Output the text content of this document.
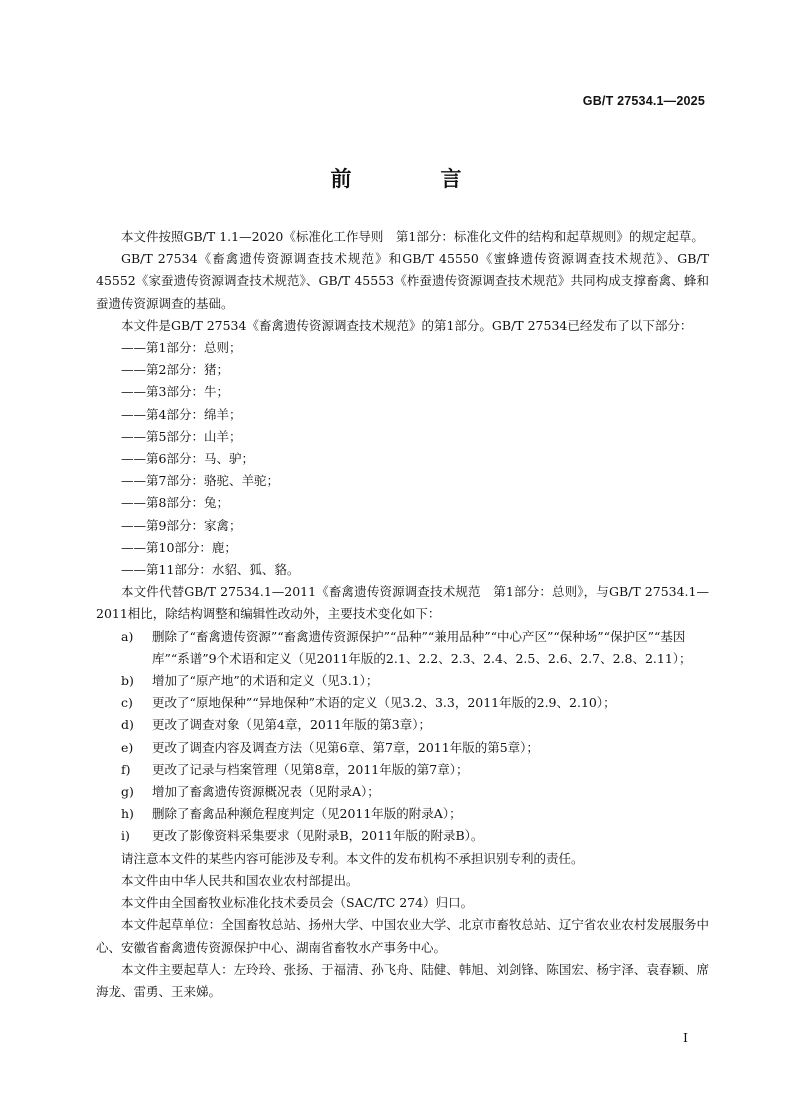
GB/T 27534.1—2025
前　言

本文件按照GB/T 1.1—2020《标准化工作导则　第1部分：标准化文件的结构和起草规则》的规定起草。

GB/T 27534《畜禽遗传资源调查技术规范》和GB/T 45550《蜜蜂遗传资源调查技术规范》、GB/T 45552《家蚕遗传资源调查技术规范》、GB/T 45553《柞蚕遗传资源调查技术规范》共同构成支撑畜禽、蜂和蚕遗传资源调查的基础。

本文件是GB/T 27534《畜禽遗传资源调查技术规范》的第1部分。GB/T 27534已经发布了以下部分：

——第1部分：总则；

——第2部分：猪；

——第3部分：牛；

——第4部分：绵羊；

——第5部分：山羊；

——第6部分：马、驴；

——第7部分：骆驼、羊驼；

——第8部分：兔；

——第9部分：家禽；

——第10部分：鹿；

——第11部分：水貂、狐、貉。

本文件代替GB/T 27534.1—2011《畜禽遗传资源调查技术规范　第1部分：总则》，与GB/T 27534.1—2011相比，除结构调整和编辑性改动外，主要技术变化如下：

a)	删除了“畜禽遗传资源”“畜禽遗传资源保护”“品种”“兼用品种”“中心产区”“保种场”“保护区”“基因库”“系谱”9个术语和定义（见2011年版的2.1、2.2、2.3、2.4、2.5、2.6、2.7、2.8、2.11）；
b)	增加了“原产地”的术语和定义（见3.1）；
c)	更改了“原地保种”“异地保种”术语的定义（见3.2、3.3，2011年版的2.9、2.10）；
d)	更改了调查对象（见第4章，2011年版的第3章）；
e)	更改了调查内容及调查方法（见第6章、第7章，2011年版的第5章）；
f)	更改了记录与档案管理（见第8章，2011年版的第7章）；
g)	增加了畜禽遗传资源概况表（见附录A）；
h)	删除了畜禽品种濒危程度判定（见2011年版的附录A）；
i)	更改了影像资料采集要求（见附录B，2011年版的附录B）。

请注意本文件的某些内容可能涉及专利。本文件的发布机构不承担识别专利的责任。

本文件由中华人民共和国农业农村部提出。

本文件由全国畜牧业标准化技术委员会（SAC/TC 274）归口。

本文件起草单位：全国畜牧总站、扬州大学、中国农业大学、北京市畜牧总站、辽宁省农业农村发展服务中心、安徽省畜禽遗传资源保护中心、湖南省畜牧水产事务中心。

本文件主要起草人：左玲玲、张扬、于福清、孙飞舟、陆健、韩旭、刘剑锋、陈国宏、杨宇泽、袁春颖、席海龙、雷勇、王来娣。

I
